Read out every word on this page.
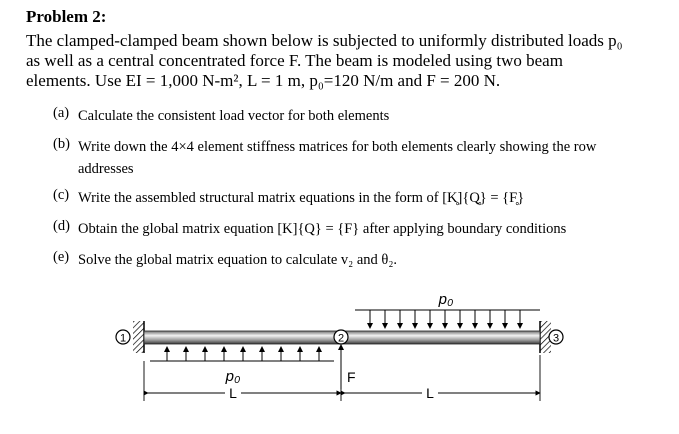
Problem 2:

The clamped-clamped beam shown below is subjected to uniformly distributed loads p₀

as well as a central concentrated force F. The beam is modeled using two beam

elements. Use EI = 1,000 N-m², L = 1 m, p₀=120 N/m and F = 200 N.

(a) Calculate the consistent load vector for both elements
(b) Write down the 4×4 element stiffness matrices for both elements clearly showing the row
addresses
(c) Write the assembled structural matrix equations in the form of [K̥]{Q̥} = {F̥}
(d) Obtain the global matrix equation [K]{Q} = {F} after applying boundary conditions
(e) Solve the global matrix equation to calculate v₂ and θ₂.
p₀
p₀	F
1	2	3
L	L
